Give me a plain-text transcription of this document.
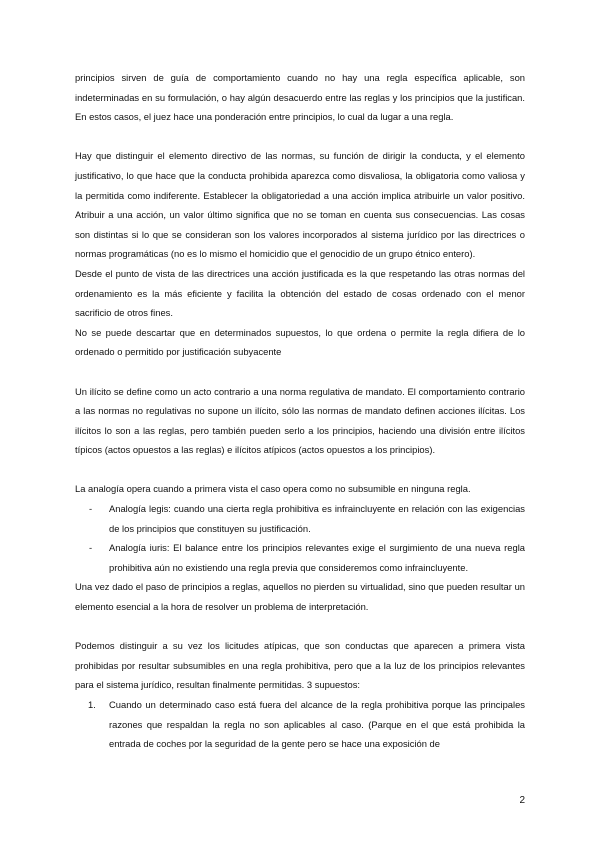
principios sirven de guía de comportamiento cuando no hay una regla específica aplicable, son indeterminadas en su formulación, o hay algún desacuerdo entre las reglas y los principios que la justifican. En estos casos, el juez hace una ponderación entre principios, lo cual da lugar a una regla.

Hay que distinguir el elemento directivo de las normas, su función de dirigir la conducta, y el elemento justificativo, lo que hace que la conducta prohibida aparezca como disvaliosa, la obligatoria como valiosa y la permitida como indiferente. Establecer la obligatoriedad a una acción implica atribuirle un valor positivo. Atribuir a una acción, un valor último significa que no se toman en cuenta sus consecuencias. Las cosas son distintas si lo que se consideran son los valores incorporados al sistema jurídico por las directrices o normas programáticas (no es lo mismo el homicidio que el genocidio de un grupo étnico entero).

Desde el punto de vista de las directrices una acción justificada es la que respetando las otras normas del ordenamiento es la más eficiente y facilita la obtención del estado de cosas ordenado con el menor sacrificio de otros fines.

No se puede descartar que en determinados supuestos, lo que ordena o permite la regla difiera de lo ordenado o permitido por justificación subyacente

Un ilícito se define como un acto contrario a una norma regulativa de mandato. El comportamiento contrario a las normas no regulativas no supone un ilícito, sólo las normas de mandato definen acciones ilícitas. Los ilícitos lo son a las reglas, pero también pueden serlo a los principios, haciendo una división entre ilícitos típicos (actos opuestos a las reglas) e ilícitos atípicos (actos opuestos a los principios).

La analogía opera cuando a primera vista el caso opera como no subsumible en ninguna regla.

- Analogía legis: cuando una cierta regla prohibitiva es infraincluyente en relación con las exigencias de los principios que constituyen su justificación.
- Analogía iuris: El balance entre los principios relevantes exige el surgimiento de una nueva regla prohibitiva aún no existiendo una regla previa que consideremos como infraincluyente.

Una vez dado el paso de principios a reglas, aquellos no pierden su virtualidad, sino que pueden resultar un elemento esencial a la hora de resolver un problema de interpretación.

Podemos distinguir a su vez los licitudes atípicas, que son conductas que aparecen a primera vista prohibidas por resultar subsumibles en una regla prohibitiva, pero que a la luz de los principios relevantes para el sistema jurídico, resultan finalmente permitidas. 3 supuestos:

1. Cuando un determinado caso está fuera del alcance de la regla prohibitiva porque las principales razones que respaldan la regla no son aplicables al caso. (Parque en el que está prohibida la entrada de coches por la seguridad de la gente pero se hace una exposición de
2
